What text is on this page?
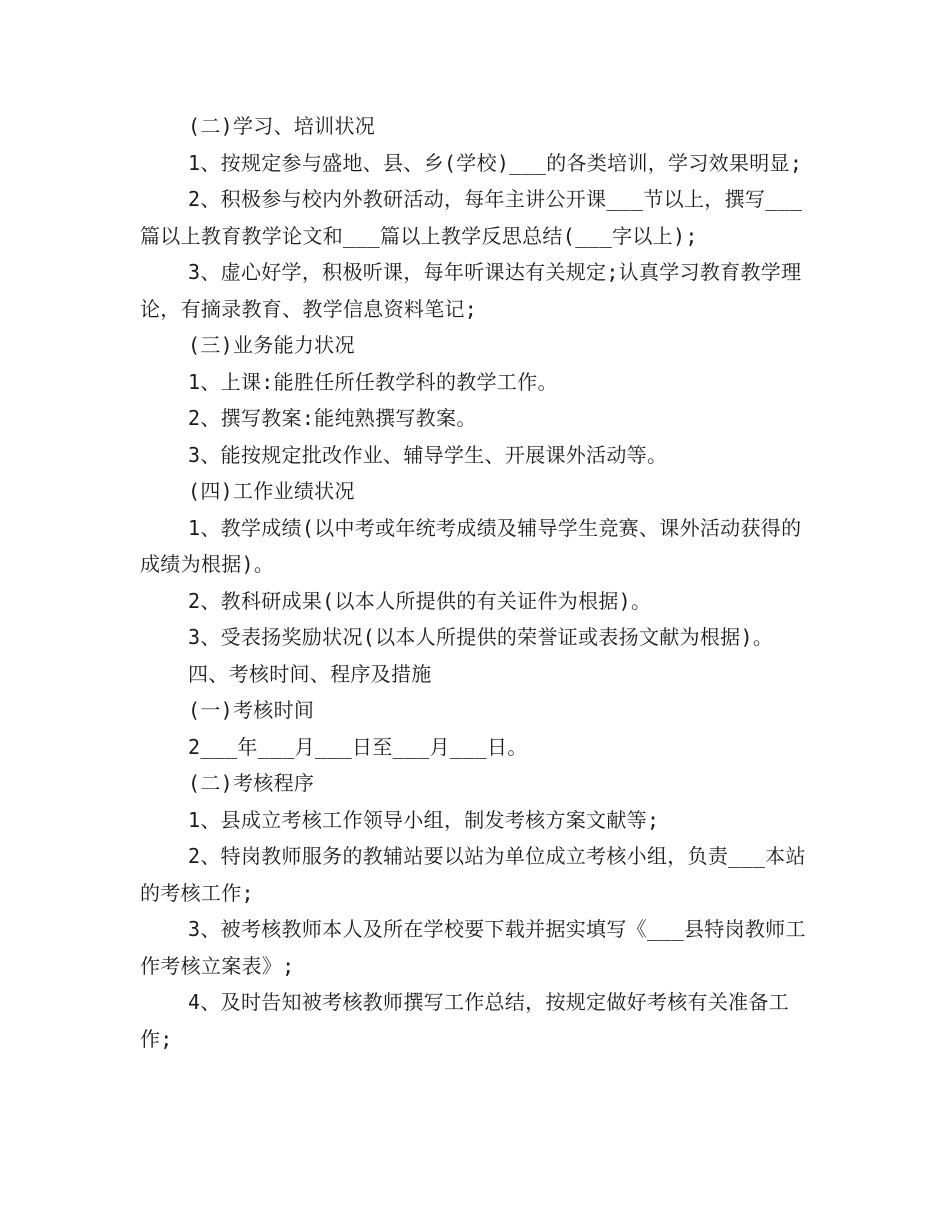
(二)学习、培训状况

1、按规定参与盛地、县、乡(学校)___的各类培训，学习效果明显;

2、积极参与校内外教研活动，每年主讲公开课___节以上，撰写___篇以上教育教学论文和___篇以上教学反思总结(___字以上);

3、虚心好学，积极听课，每年听课达有关规定;认真学习教育教学理论，有摘录教育、教学信息资料笔记;

(三)业务能力状况

1、上课:能胜任所任教学科的教学工作。

2、撰写教案:能纯熟撰写教案。

3、能按规定批改作业、辅导学生、开展课外活动等。

(四)工作业绩状况

1、教学成绩(以中考或年统考成绩及辅导学生竞赛、课外活动获得的成绩为根据)。

2、教科研成果(以本人所提供的有关证件为根据)。

3、受表扬奖励状况(以本人所提供的荣誉证或表扬文献为根据)。

四、考核时间、程序及措施

(一)考核时间

2___年___月___日至___月___日。

(二)考核程序

1、县成立考核工作领导小组，制发考核方案文献等;

2、特岗教师服务的教辅站要以站为单位成立考核小组，负责___本站的考核工作;

3、被考核教师本人及所在学校要下载并据实填写《___县特岗教师工作考核立案表》;

4、及时告知被考核教师撰写工作总结，按规定做好考核有关准备工作;
